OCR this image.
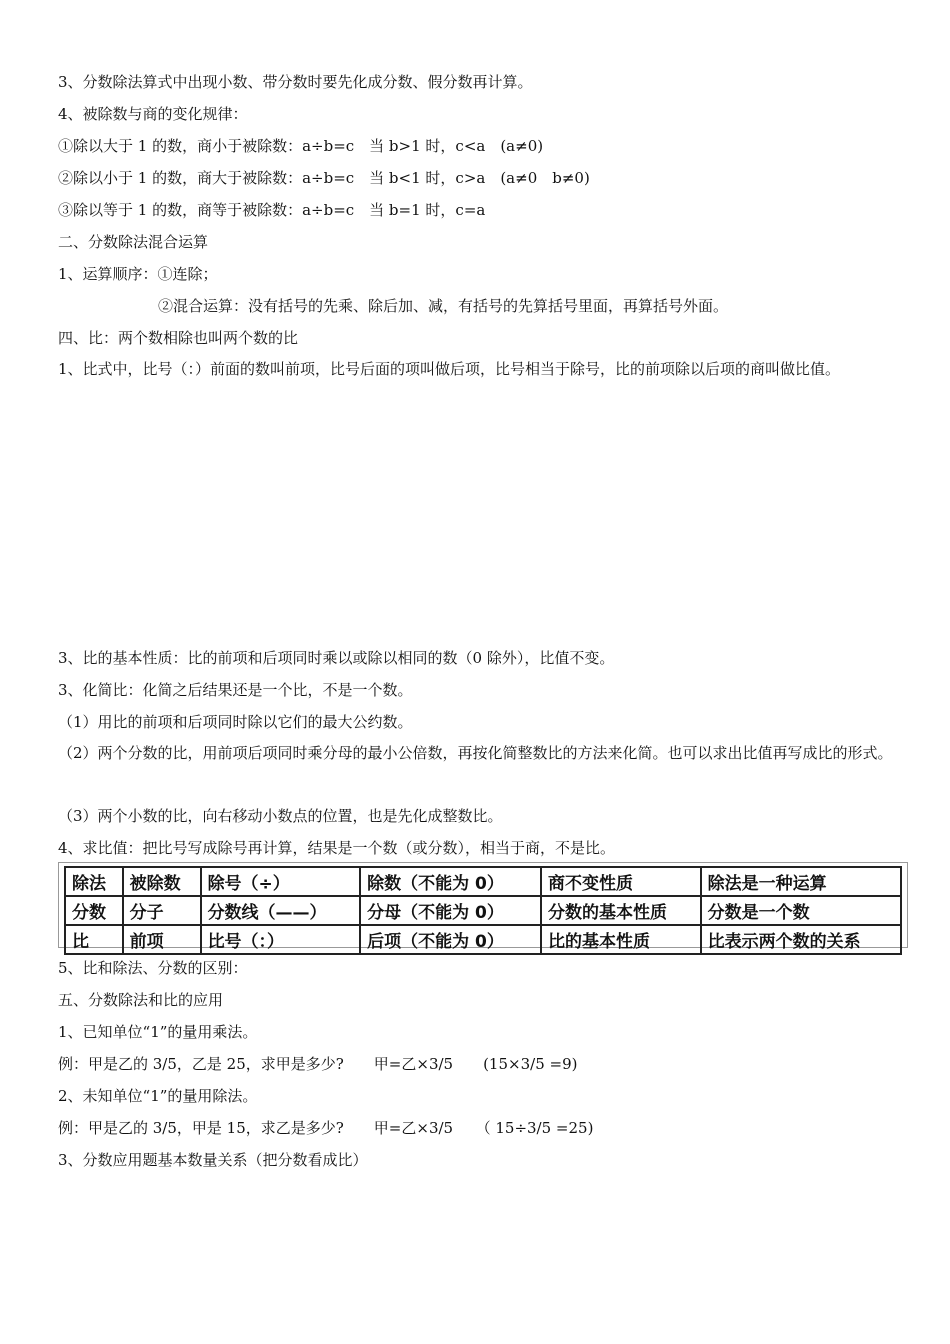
3、分数除法算式中出现小数、带分数时要先化成分数、假分数再计算。
4、被除数与商的变化规律：
①除以大于 1 的数，商小于被除数：a÷b=c　当 b>1 时，c<a　(a≠0)
②除以小于 1 的数，商大于被除数：a÷b=c　当 b<1 时，c>a　(a≠0　b≠0)
③除以等于 1 的数，商等于被除数：a÷b=c　当 b=1 时，c=a
二、分数除法混合运算
1、运算顺序：①连除；
②混合运算：没有括号的先乘、除后加、减，有括号的先算括号里面，再算括号外面。
四、比：两个数相除也叫两个数的比
1、比式中，比号（：）前面的数叫前项，比号后面的项叫做后项，比号相当于除号，比的前项除以后项的商叫做比值。
3、比的基本性质：比的前项和后项同时乘以或除以相同的数（0 除外），比值不变。
3、化简比：化简之后结果还是一个比，不是一个数。
（1）用比的前项和后项同时除以它们的最大公约数。
（2）两个分数的比，用前项后项同时乘分母的最小公倍数，再按化简整数比的方法来化简。也可以求出比值再写成比的形式。
（3）两个小数的比，向右移动小数点的位置，也是先化成整数比。
4、求比值：把比号写成除号再计算，结果是一个数（或分数），相当于商，不是比。
除法	被除数	除号（÷）	除数（不能为 0）	商不变性质	除法是一种运算
分数	分子	分数线（——）	分母（不能为 0）	分数的基本性质	分数是一个数
比	前项	比号（：）	后项（不能为 0）	比的基本性质	比表示两个数的关系
5、比和除法、分数的区别：
五、分数除法和比的应用
1、已知单位“1”的量用乘法。
例：甲是乙的 3/5，乙是 25，求甲是多少?　　甲=乙×3/5　　(15×3/5 =9)
2、未知单位“1”的量用除法。
例：甲是乙的 3/5，甲是 15，求乙是多少?　　甲=乙×3/5　　（ 15÷3/5 =25)
3、分数应用题基本数量关系（把分数看成比）
